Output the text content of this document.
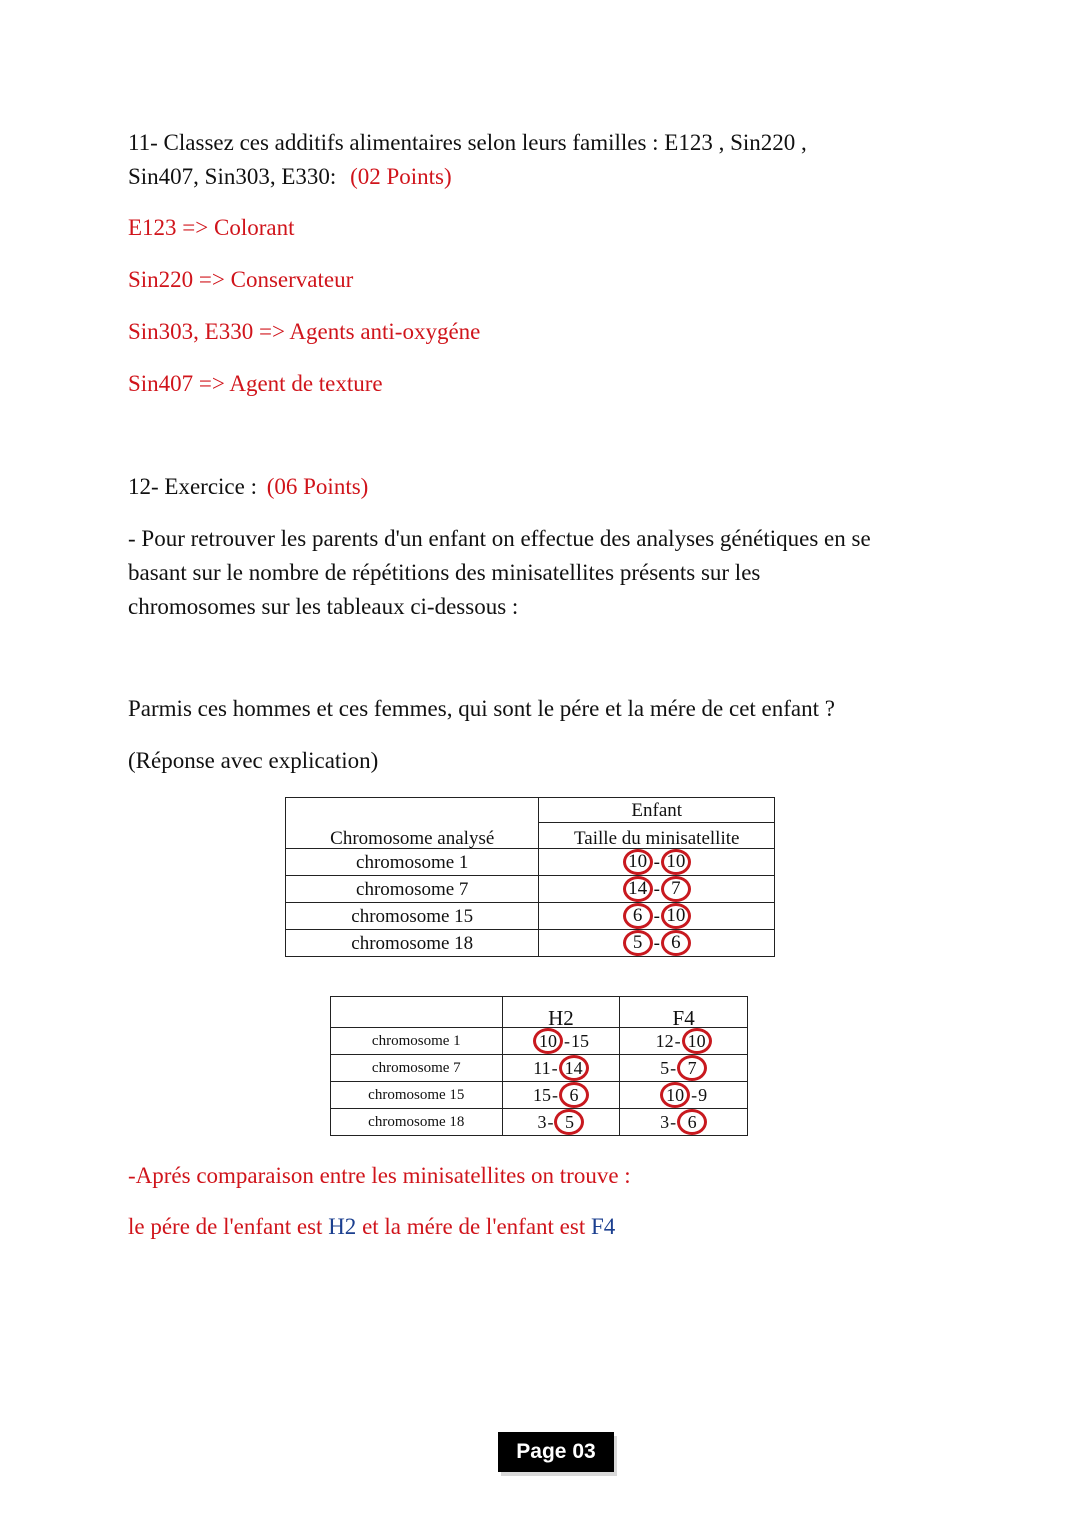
11- Classez ces additifs alimentaires selon leurs familles : E123 , Sin220 ,
Sin407, Sin303, E330: (02 Points)
E123 => Colorant
Sin220 => Conservateur
Sin303, E330 => Agents anti-oxygéne
Sin407 => Agent de texture
12- Exercice : (06 Points)
- Pour retrouver les parents d'un enfant on effectue des analyses génétiques en se
basant sur le nombre de répétitions des minisatellites présents sur les
chromosomes sur les tableaux ci-dessous :
Parmis ces hommes et ces femmes, qui sont le pére et la mére de cet enfant ?
(Réponse avec explication)
	Enfant
Chromosome analysé	Taille du minisatellite
chromosome 1	10 - 10

chromosome 7	14 - 7

chromosome 15	6 - 10

chromosome 18	5 - 6
	H2	F4
chromosome 1	10 - 15	12 - 10

chromosome 7	11 - 14	5 - 7

chromosome 15	15 - 6	10 - 9

chromosome 18	3 - 5	3 - 6
-Aprés comparaison entre les minisatellites on trouve :
le pére de l'enfant est H2 et la mére de l'enfant est F4
Page 03
